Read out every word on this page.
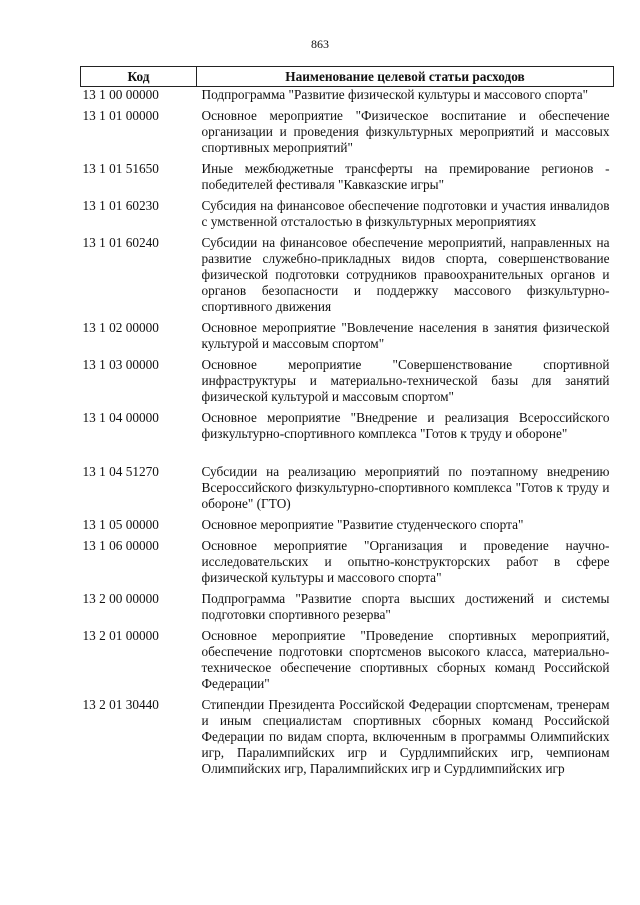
863
Код	Наименование целевой статьи расходов
13 1 00 00000	Подпрограмма "Развитие физической культуры и массового спорта"
13 1 01 00000	Основное мероприятие "Физическое воспитание и обеспечение организации и проведения физкультурных мероприятий и массовых спортивных мероприятий"
13 1 01 51650	Иные межбюджетные трансферты на премирование регионов - победителей фестиваля "Кавказские игры"
13 1 01 60230	Субсидия на финансовое обеспечение подготовки и участия инвалидов с умственной отсталостью в физкультурных мероприятиях
13 1 01 60240	Субсидии на финансовое обеспечение мероприятий, направленных на развитие служебно-прикладных видов спорта, совершенствование физической подготовки сотрудников правоохранительных органов и органов безопасности и поддержку массового физкультурно-спортивного движения
13 1 02 00000	Основное мероприятие "Вовлечение населения в занятия физической культурой и массовым спортом"
13 1 03 00000	Основное мероприятие "Совершенствование спортивной инфраструктуры и материально-технической базы для занятий физической культурой и массовым спортом"
13 1 04 00000	Основное мероприятие "Внедрение и реализация Всероссийского физкультурно-спортивного комплекса "Готов к труду и обороне"
13 1 04 51270	Субсидии на реализацию мероприятий по поэтапному внедрению Всероссийского физкультурно-спортивного комплекса "Готов к труду и обороне" (ГТО)
13 1 05 00000	Основное мероприятие "Развитие студенческого спорта"
13 1 06 00000	Основное мероприятие "Организация и проведение научно-исследовательских и опытно-конструкторских работ в сфере физической культуры и массового спорта"
13 2 00 00000	Подпрограмма "Развитие спорта высших достижений и системы подготовки спортивного резерва"
13 2 01 00000	Основное мероприятие "Проведение спортивных мероприятий, обеспечение подготовки спортсменов высокого класса, материально-техническое обеспечение спортивных сборных команд Российской Федерации"
13 2 01 30440	Стипендии Президента Российской Федерации спортсменам, тренерам и иным специалистам спортивных сборных команд Российской Федерации по видам спорта, включенным в программы Олимпийских игр, Паралимпийских игр и Сурдлимпийских игр, чемпионам Олимпийских игр, Паралимпийских игр и Сурдлимпийских игр
